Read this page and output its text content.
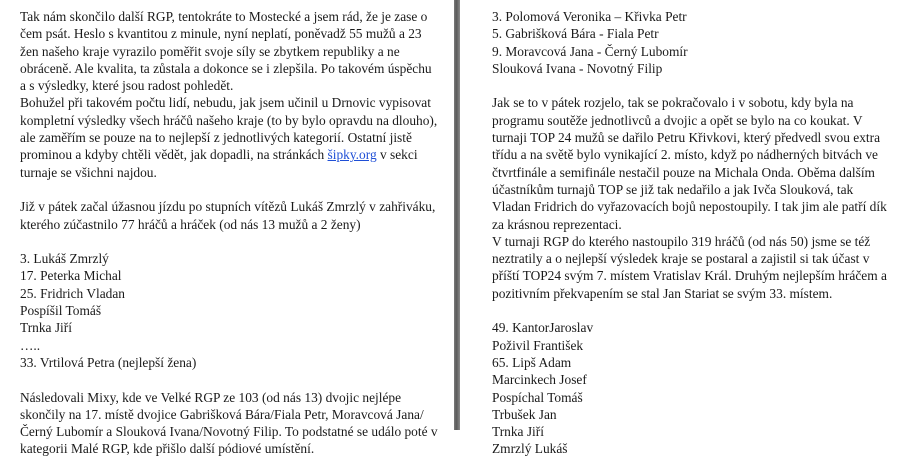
Tak nám skončilo další RGP, tentokráte to Mostecké a jsem rád, že je zase o čem psát. Heslo s kvantitou z minule, nyní neplatí, poněvadž 55 mužů a 23 žen našeho kraje vyrazilo poměřit svoje síly se zbytkem republiky a ne obráceně. Ale kvalita, ta zůstala a dokonce se i zlepšila. Po takovém úspěchu a s výsledky, které jsou radost pohledět.

Bohužel při takovém počtu lidí, nebudu, jak jsem učinil u Drnovic vypisovat kompletní výsledky všech hráčů našeho kraje (to by bylo opravdu na dlouho), ale zaměřím se pouze na to nejlepší z jednotlivých kategorií. Ostatní jistě prominou a kdyby chtěli vědět, jak dopadli, na stránkách šipky.org v sekci turnaje se všichni najdou.

Již v pátek začal úžasnou jízdu po stupních vítězů Lukáš Zmrzlý v zahřiváku, kterého zúčastnilo 77 hráčů a hráček (od nás 13 mužů a 2 ženy)

3. Lukáš Zmrzlý

17. Peterka Michal

25. Fridrich Vladan

Pospíšil Tomáš

Trnka Jiří

…..

33. Vrtilová Petra (nejlepší žena)

Následovali Mixy, kde ve Velké RGP ze 103 (od nás 13) dvojic nejlépe skončily na 17. místě dvojice Gabrišková Bára/Fiala Petr, Moravcová Jana/Černý Lubomír a Slouková Ivana/Novotný Filip. To podstatné se událo poté v kategorii Malé RGP, kde přišlo další pódiové umístění.

3. Polomová Veronika – Křivka Petr

5. Gabrišková Bára - Fiala Petr

9. Moravcová Jana - Černý Lubomír

Slouková Ivana - Novotný Filip

Jak se to v pátek rozjelo, tak se pokračovalo i v sobotu, kdy byla na programu soutěže jednotlivců a dvojic a opět se bylo na co koukat. V turnaji TOP 24 mužů se dařilo Petru Křivkovi, který předvedl svou extra třídu a na světě bylo vynikající 2. místo, když po nádherných bitvách ve čtvrtfinále a semifinále nestačil pouze na Michala Onda. Oběma dalším účastníkům turnajů TOP se již tak nedařilo a jak Ivča Slouková, tak Vladan Fridrich do vyřazovacích bojů nepostoupily. I tak jim ale patří dík za krásnou reprezentaci.

V turnaji RGP do kterého nastoupilo 319 hráčů (od nás 50) jsme se též neztratily a o nejlepší výsledek kraje se postaral a zajistil si tak účast v příští TOP24 svým 7. místem Vratislav Král. Druhým nejlepším hráčem a pozitivním překvapením se stal Jan Stariat se svým 33. místem.

49. KantorJaroslav

Poživil František

65. Lipš Adam

Marcinkech Josef

Pospíchal Tomáš

Trbušek Jan

Trnka Jiří

Zmrzlý Lukáš
